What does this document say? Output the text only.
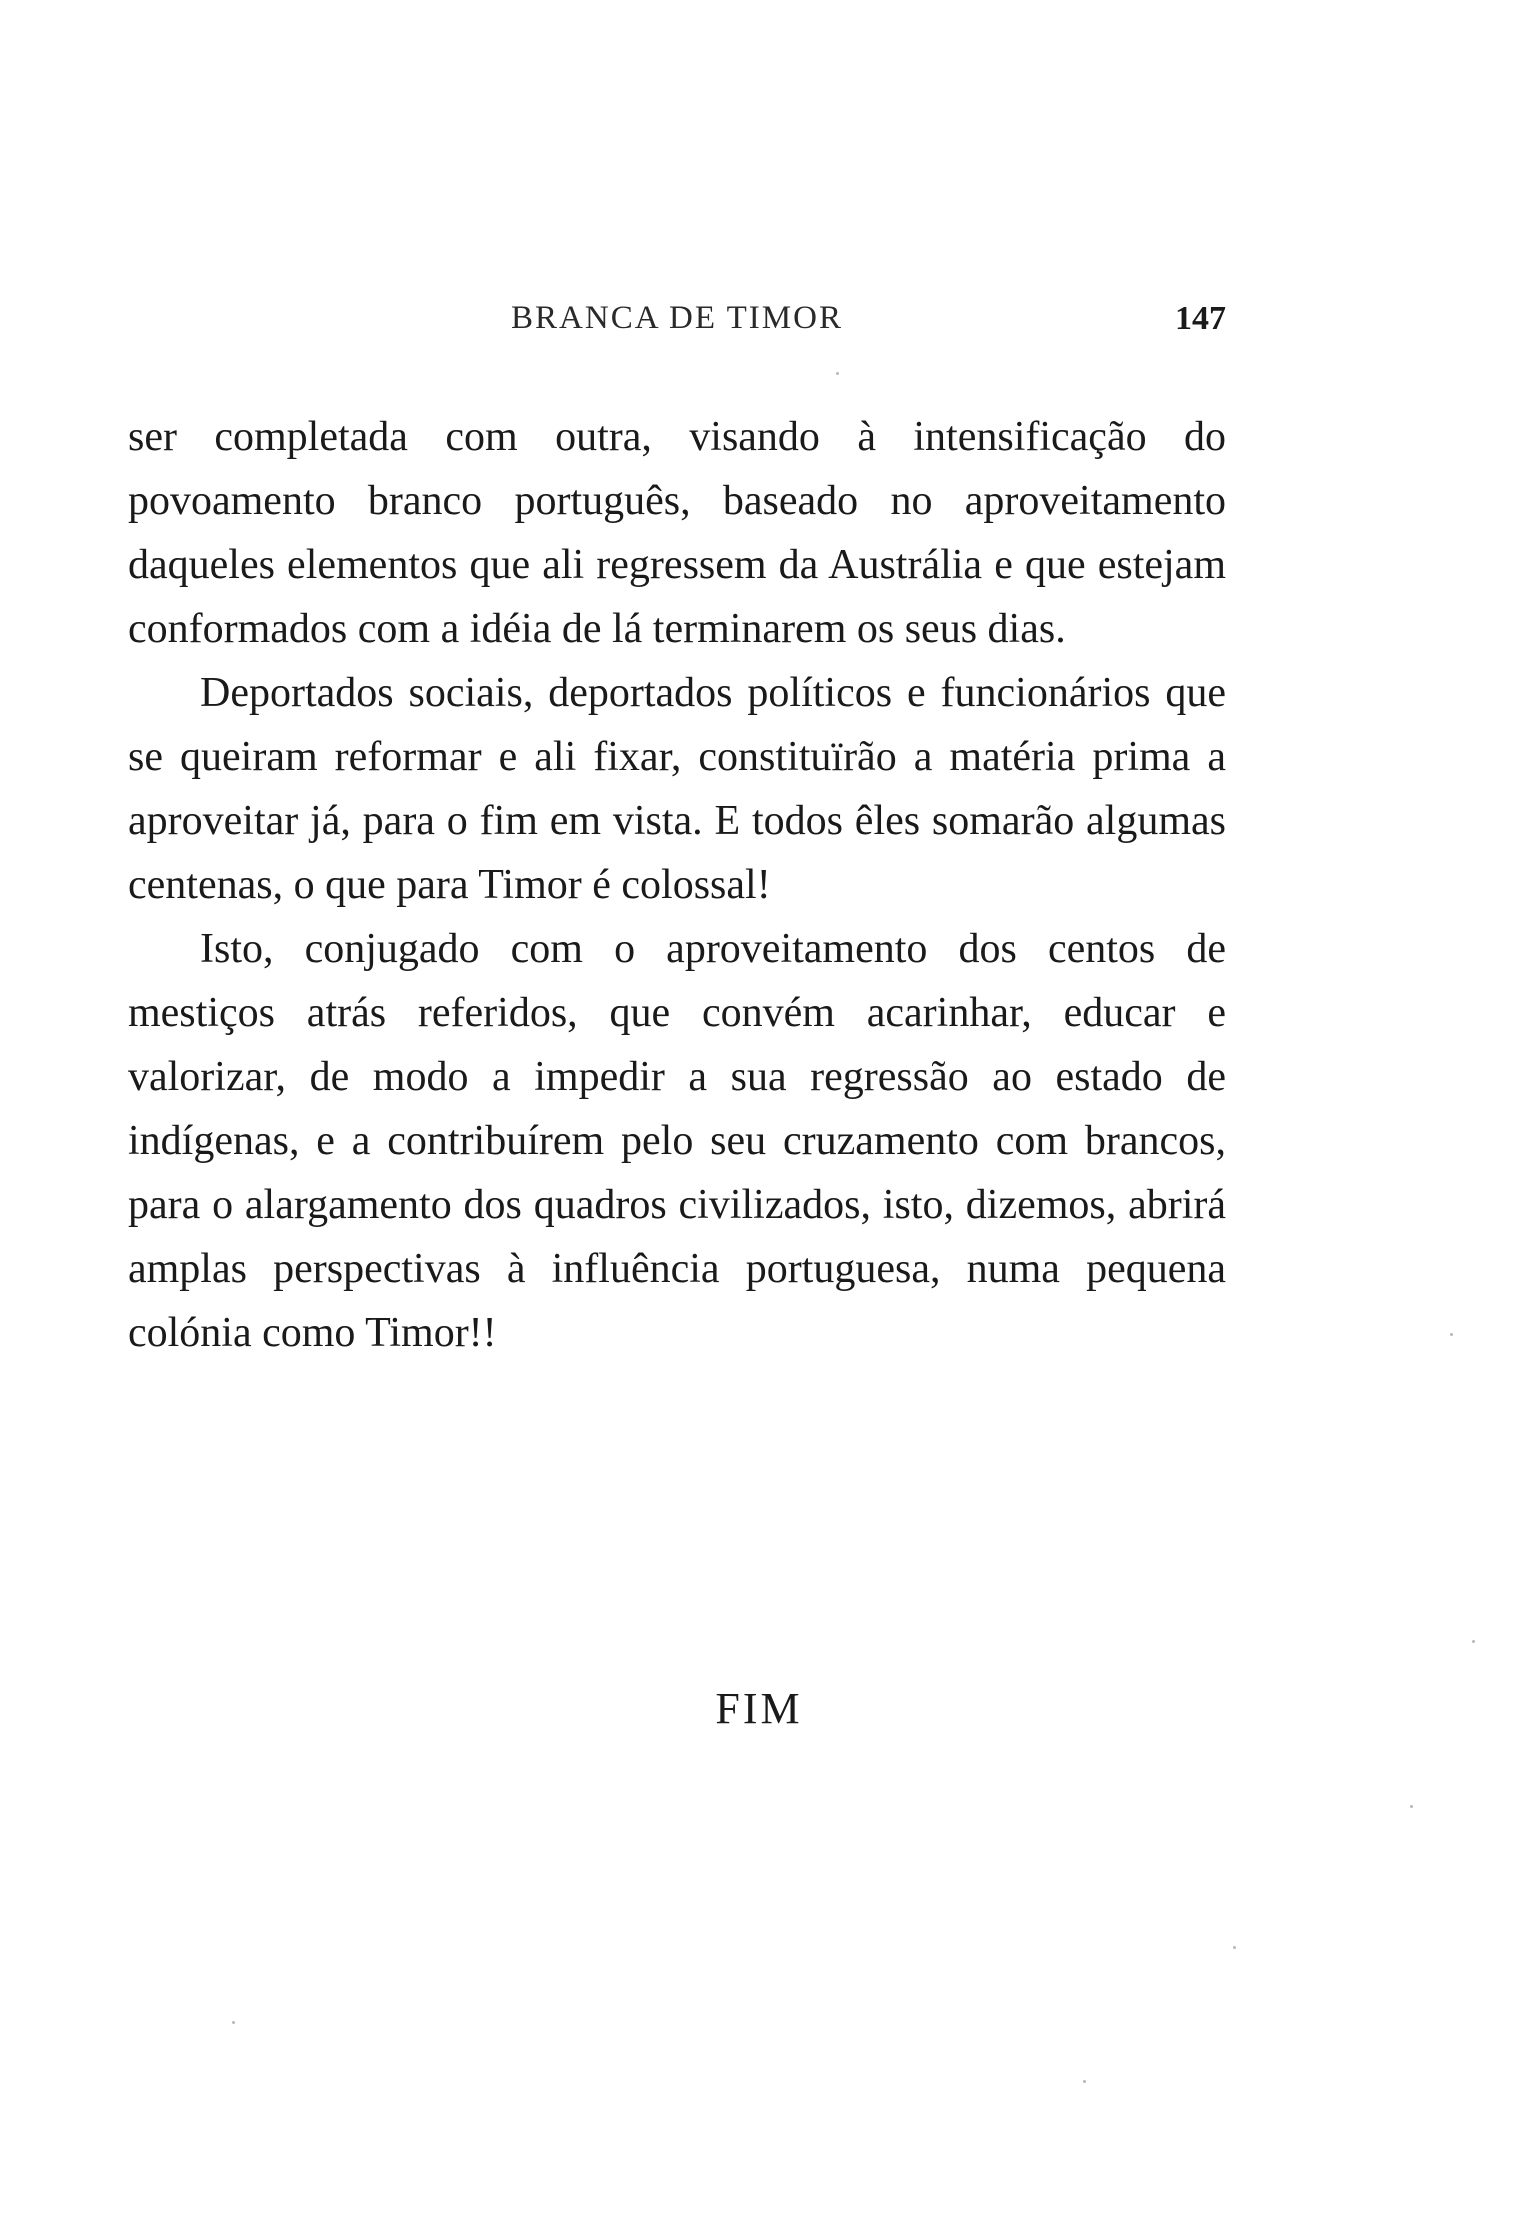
BRANCA DE TIMOR	147

ser completada com outra, visando à intensificação do povoamento branco português, baseado no aproveitamento daqueles elementos que ali regressem da Austrália e que estejam conformados com a idéia de lá terminarem os seus dias.

Deportados sociais, deportados políticos e funcionários que se queiram reformar e ali fixar, constituïrão a matéria prima a aproveitar já, para o fim em vista. E todos êles somarão algumas centenas, o que para Timor é colossal!

Isto, conjugado com o aproveitamento dos centos de mestiços atrás referidos, que convém acarinhar, educar e valorizar, de modo a impedir a sua regressão ao estado de indígenas, e a contribuírem pelo seu cruzamento com brancos, para o alargamento dos quadros civilizados, isto, dizemos, abrirá amplas perspectivas à influência portuguesa, numa pequena colónia como Timor!!

FIM
